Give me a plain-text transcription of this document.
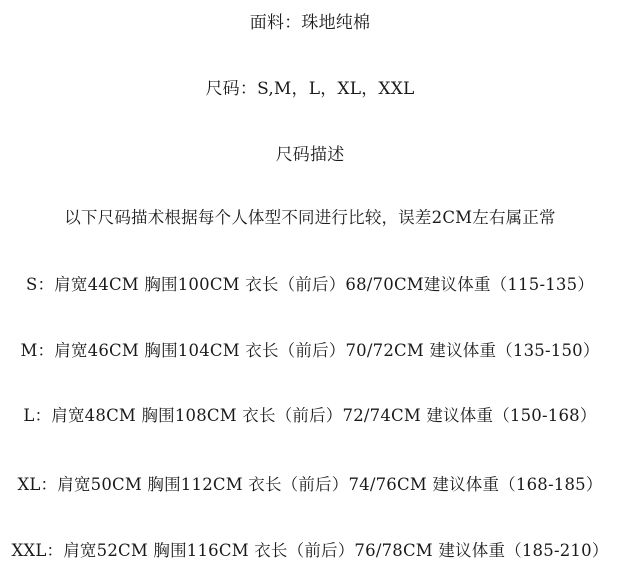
面料：珠地纯棉
尺码：S,M，L，XL，XXL
尺码描述
以下尺码描术根据每个人体型不同进行比较，误差2CM左右属正常
S：肩宽44CM 胸围100CM 衣长（前后）68/70CM建议体重（115-135）
M：肩宽46CM 胸围104CM 衣长（前后）70/72CM 建议体重（135-150）
L：肩宽48CM 胸围108CM 衣长（前后）72/74CM 建议体重（150-168）
XL：肩宽50CM 胸围112CM 衣长（前后）74/76CM 建议体重（168-185）
XXL：肩宽52CM 胸围116CM 衣长（前后）76/78CM 建议体重（185-210）
